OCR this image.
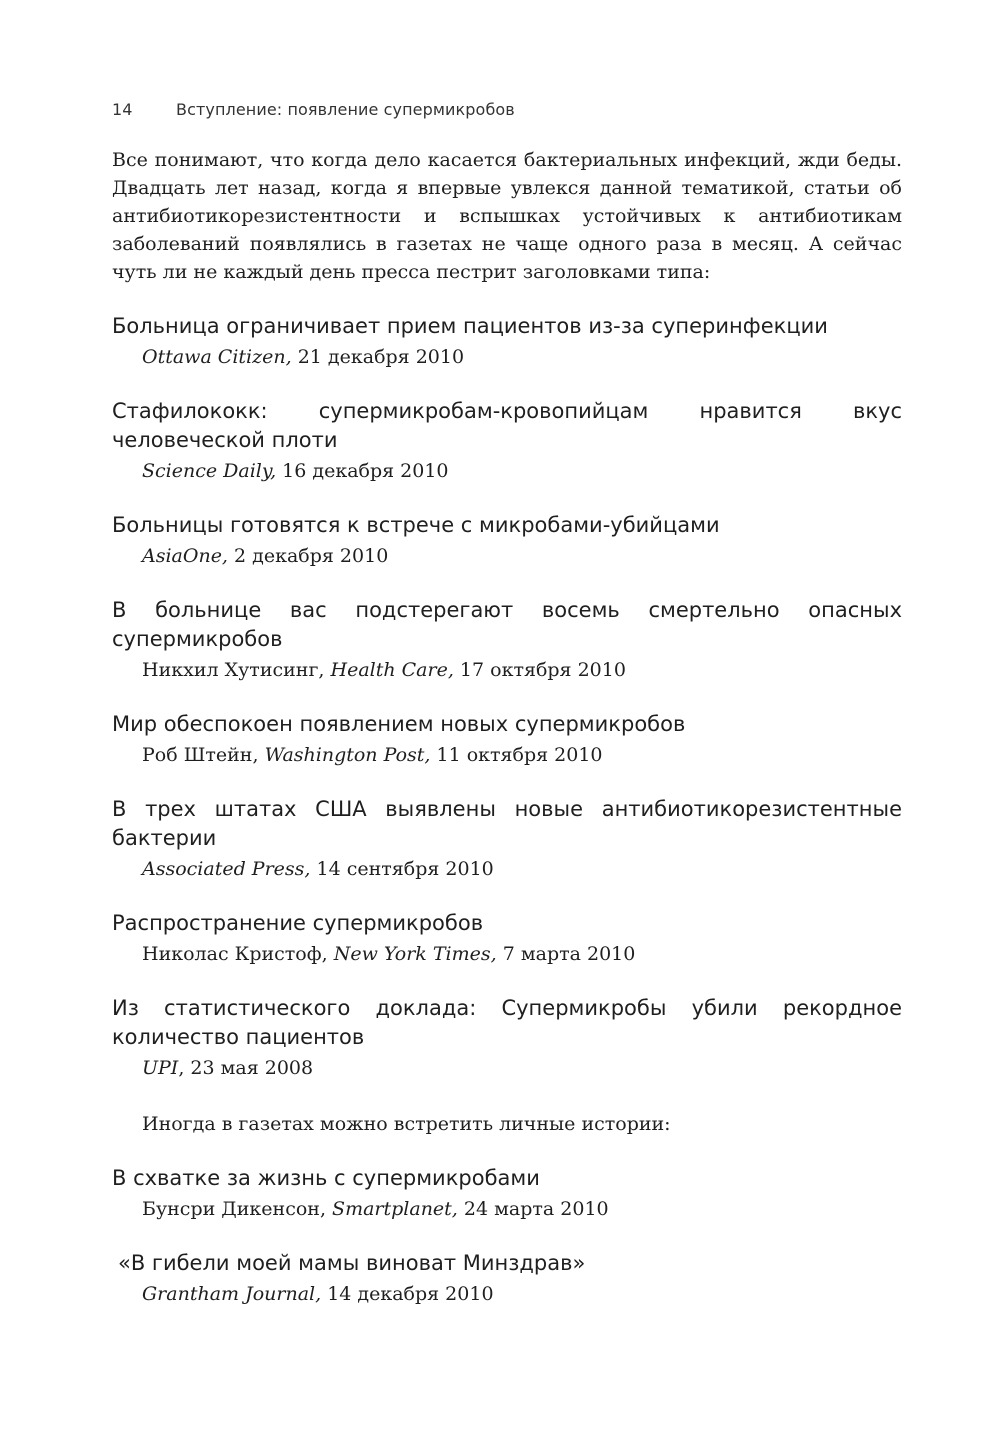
14	Вступление: появление супермикробов

Все понимают, что когда дело касается бактериальных инфекций, жди беды. Двадцать лет назад, когда я впервые увлекся данной тематикой, статьи об антибиотикорезистентности и вспышках устойчивых к антибиотикам заболеваний появлялись в газетах не чаще одного раза в месяц. А сейчас чуть ли не каждый день пресса пестрит заголовками типа:

Больница ограничивает прием пациентов из-за суперинфекции

Ottawa Citizen, 21 декабря 2010

Стафилококк: супермикробам-кровопийцам нравится вкус человеческой плоти

Science Daily, 16 декабря 2010

Больницы готовятся к встрече с микробами-убийцами

AsiaOne, 2 декабря 2010

В больнице вас подстерегают восемь смертельно опасных супермикробов

Никхил Хутисинг, Health Care, 17 октября 2010

Мир обеспокоен появлением новых супермикробов

Роб Штейн, Washington Post, 11 октября 2010

В трех штатах США выявлены новые антибиотикорезистентные бактерии

Associated Press, 14 сентября 2010

Распространение супермикробов

Николас Кристоф, New York Times, 7 марта 2010

Из статистического доклада: Супермикробы убили рекордное количество пациентов

UPI, 23 мая 2008

Иногда в газетах можно встретить личные истории:

В схватке за жизнь с супермикробами

Бунсри Дикенсон, Smartplanet, 24 марта 2010

«В гибели моей мамы виноват Минздрав»

Grantham Journal, 14 декабря 2010
